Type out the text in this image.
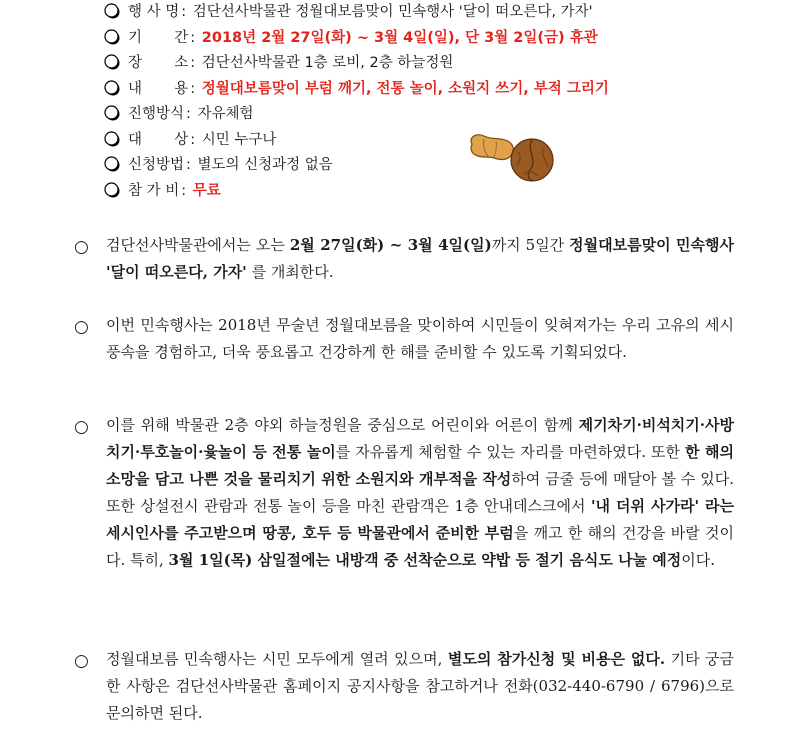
행 사 명 : 검단선사박물관 정월대보름맞이 민속행사 '달이 떠오른다, 가자'
기       간 : 2018년 2월 27일(화) ~ 3월 4일(일), 단 3월 2일(금) 휴관
장       소 : 검단선사박물관 1층 로비, 2층 하늘정원
내       용 : 정월대보름맞이 부럼 깨기, 전통 놀이, 소원지 쓰기, 부적 그리기
진행방식 : 자유체험
대       상 : 시민 누구나
신청방법 : 별도의 신청과정 없음
참 가 비 : 무료
○ 검단선사박물관에서는 오는 2월 27일(화) ~ 3월 4일(일)까지 5일간 정월대보름맞이 민속행사 '달이 떠오른다, 가자' 를 개최한다.
○ 이번 민속행사는 2018년 무술년 정월대보름을 맞이하여 시민들이 잊혀져가는 우리 고유의 세시 풍속을 경험하고, 더욱 풍요롭고 건강하게 한 해를 준비할 수 있도록 기획되었다.
○ 이를 위해 박물관 2층 야외 하늘정원을 중심으로 어린이와 어른이 함께 제기차기·비석치기·사방치기·투호놀이·윷놀이 등 전통 놀이를 자유롭게 체험할 수 있는 자리를 마련하였다. 또한 한 해의 소망을 담고 나쁜 것을 물리치기 위한 소원지와 개부적을 작성하여 금줄 등에 매달아 볼 수 있다. 또한 상설전시 관람과 전통 놀이 등을 마친 관람객은 1층 안내데스크에서 '내 더위 사가라' 라는 세시인사를 주고받으며 땅콩, 호두 등 박물관에서 준비한 부럼을 깨고 한 해의 건강을 바랄 것이다. 특히, 3월 1일(목) 삼일절에는 내방객 중 선착순으로 약밥 등 절기 음식도 나눌 예정이다.
○ 정월대보름 민속행사는 시민 모두에게 열려 있으며, 별도의 참가신청 및 비용은 없다. 기타 궁금한 사항은 검단선사박물관 홈페이지 공지사항을 참고하거나 전화(032-440-6790 / 6796)으로 문의하면 된다.
